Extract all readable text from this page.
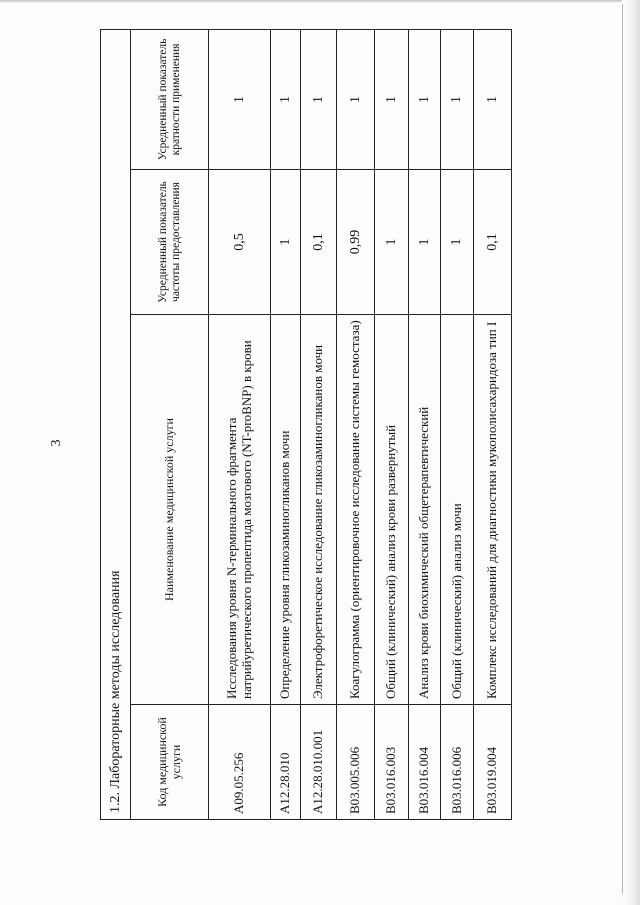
3
1.2. Лабораторные методы исследования			
Код медицинской услуги	Наименование медицинской услуги	Усредненный показатель частоты предоставления	Усредненный показатель кратности применения
A09.05.256	Исследования уровня N-терминального фрагмента натрийуретического пропептида мозгового (NT-proBNP) в крови	0,5	1
A12.28.010	Определение уровня гликозаминогликанов мочи	1	1
A12.28.010.001	Электрофоретическое исследование гликозаминогликанов мочи	0,1	1
B03.005.006	Коагулограмма (ориентировочное исследование системы гемостаза)	0,99	1
B03.016.003	Общий (клинический) анализ крови развернутый	1	1
B03.016.004	Анализ крови биохимический общетерапевтический	1	1
B03.016.006	Общий (клинический) анализ мочи	1	1
B03.019.004	Комплекс исследований для диагностики мукополисахаридоза тип I	0,1	1
